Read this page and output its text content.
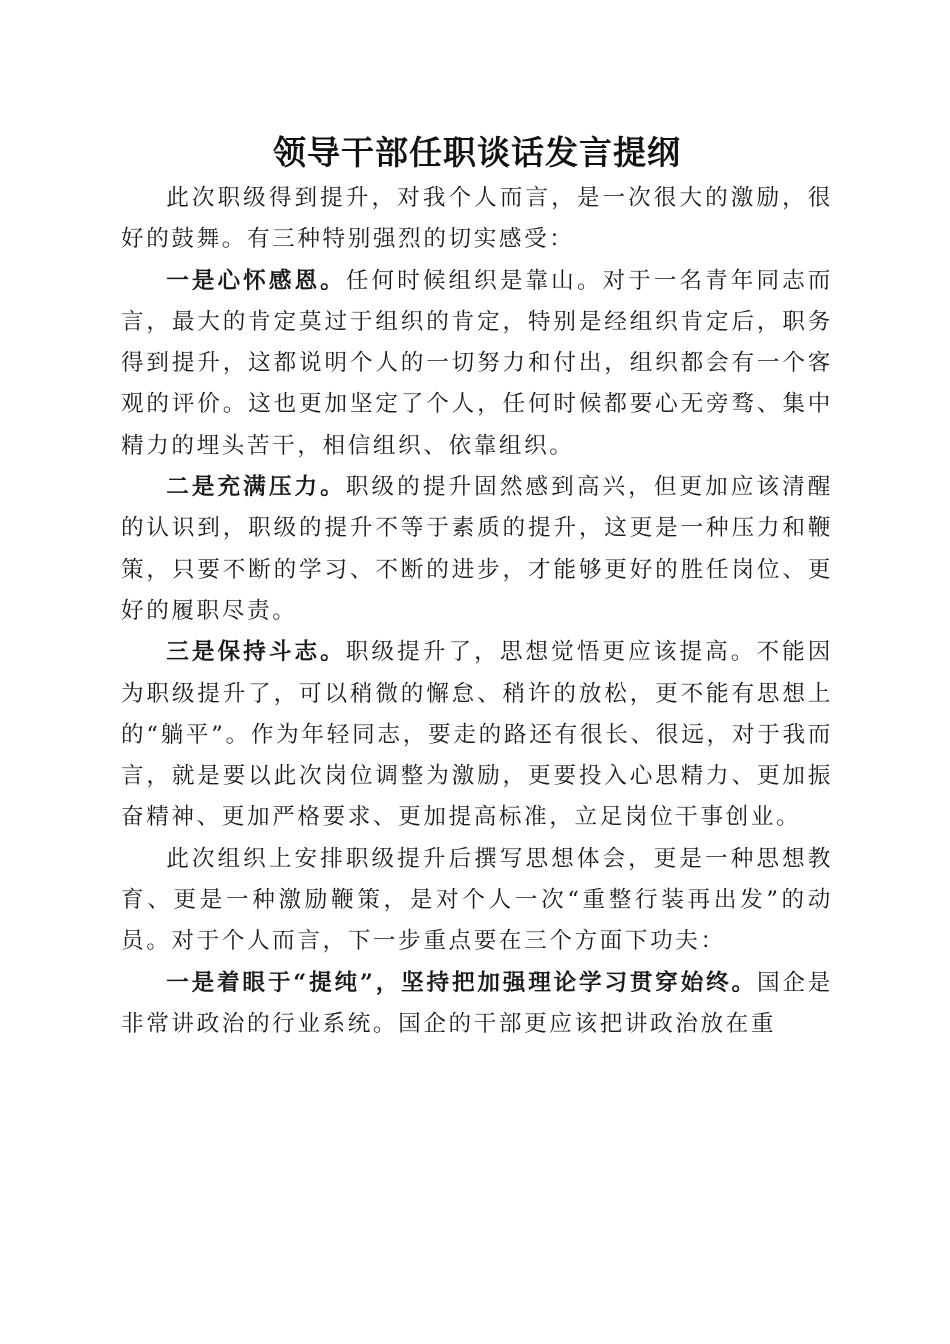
领导干部任职谈话发言提纲

此次职级得到提升，对我个人而言，是一次很大的激励，很好的鼓舞。有三种特别强烈的切实感受：

一是心怀感恩。任何时候组织是靠山。对于一名青年同志而言，最大的肯定莫过于组织的肯定，特别是经组织肯定后，职务得到提升，这都说明个人的一切努力和付出，组织都会有一个客观的评价。这也更加坚定了个人，任何时候都要心无旁骛、集中精力的埋头苦干，相信组织、依靠组织。

二是充满压力。职级的提升固然感到高兴，但更加应该清醒的认识到，职级的提升不等于素质的提升，这更是一种压力和鞭策，只要不断的学习、不断的进步，才能够更好的胜任岗位、更好的履职尽责。

三是保持斗志。职级提升了，思想觉悟更应该提高。不能因为职级提升了，可以稍微的懈怠、稍许的放松，更不能有思想上的“躺平”。作为年轻同志，要走的路还有很长、很远，对于我而言，就是要以此次岗位调整为激励，更要投入心思精力、更加振奋精神、更加严格要求、更加提高标准，立足岗位干事创业。

此次组织上安排职级提升后撰写思想体会，更是一种思想教育、更是一种激励鞭策，是对个人一次“重整行装再出发”的动员。对于个人而言，下一步重点要在三个方面下功夫：

一是着眼于“提纯”，坚持把加强理论学习贯穿始终。国企是非常讲政治的行业系统。国企的干部更应该把讲政治放在重
